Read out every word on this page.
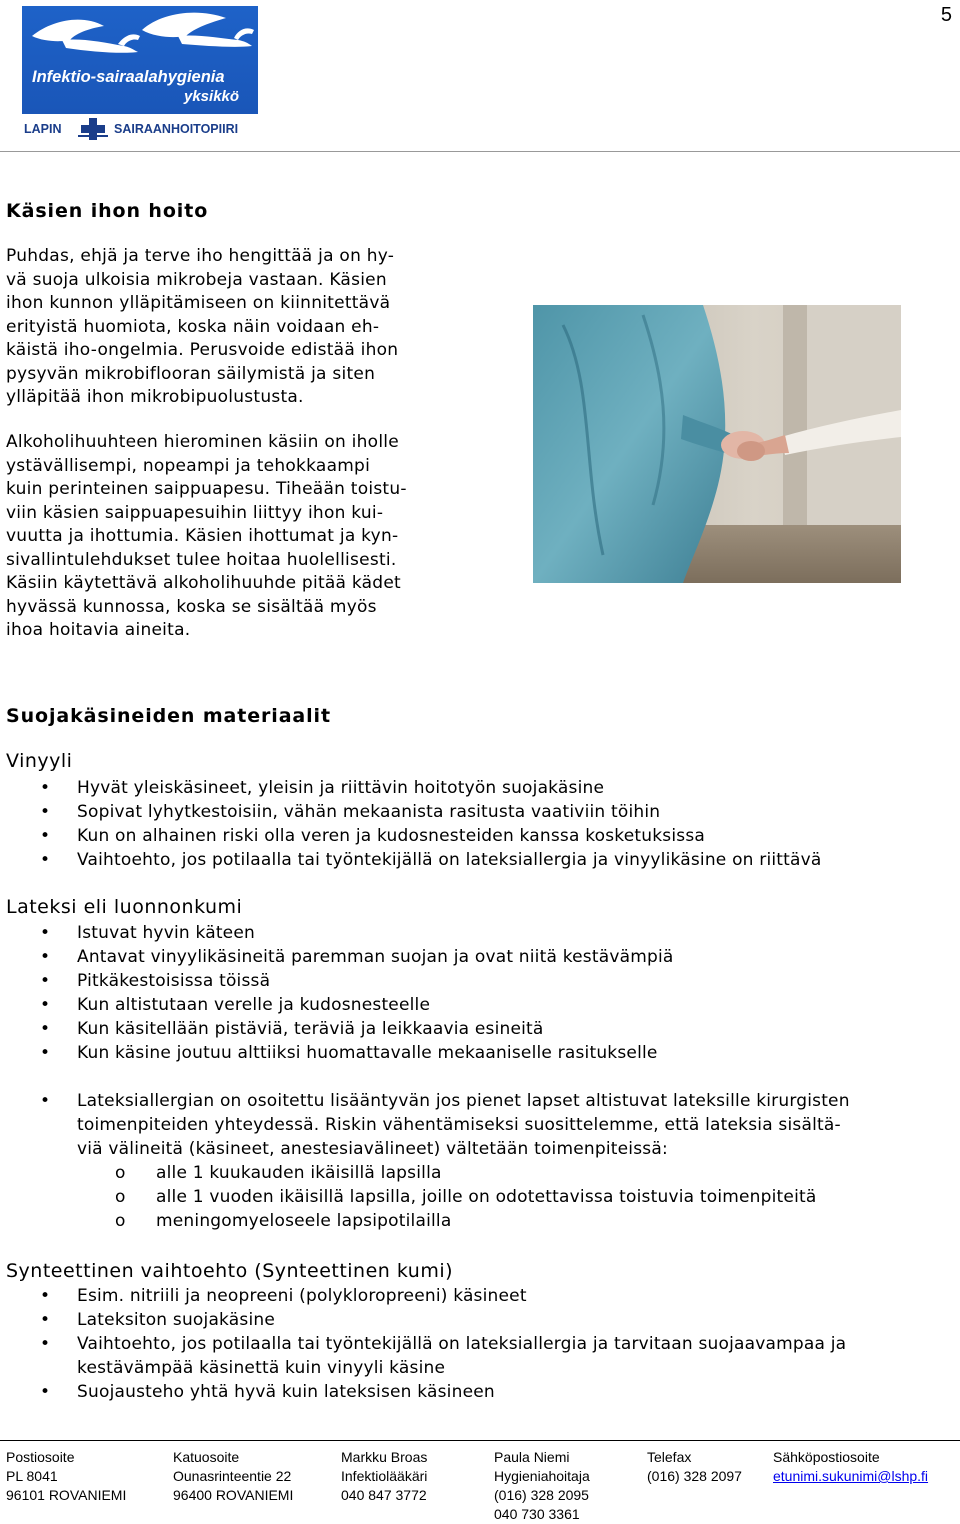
5
Infektio-sairaalahygienia
yksikkö
LAPIN	SAIRAANHOITOPIIRI
Käsien ihon hoito
Puhdas, ehjä ja terve iho hengittää ja on hy-
vä suoja ulkoisia mikrobeja vastaan. Käsien
ihon kunnon ylläpitämiseen on kiinnitettävä
erityistä huomiota, koska näin voidaan eh-
käistä iho-ongelmia. Perusvoide edistää ihon
pysyvän mikrobiflooran säilymistä ja siten
ylläpitää ihon mikrobipuolustusta.
Alkoholihuuhteen hierominen käsiin on iholle
ystävällisempi, nopeampi ja tehokkaampi
kuin perinteinen saippuapesu. Tiheään toistu-
viin käsien saippuapesuihin liittyy ihon kui-
vuutta ja ihottumia. Käsien ihottumat ja kyn-
sivallintulehdukset tulee hoitaa huolellisesti.
Käsiin käytettävä alkoholihuuhde pitää kädet
hyvässä kunnossa, koska se sisältää myös
ihoa hoitavia aineita.
Suojakäsineiden materiaalit
Vinyyli
• Hyvät yleiskäsineet, yleisin ja riittävin hoitotyön suojakäsine
• Sopivat lyhytkestoisiin, vähän mekaanista rasitusta vaativiin töihin
• Kun on alhainen riski olla veren ja kudosnesteiden kanssa kosketuksissa
• Vaihtoehto, jos potilaalla tai työntekijällä on lateksiallergia ja vinyylikäsine on riittävä
Lateksi eli luonnonkumi
• Istuvat hyvin käteen
• Antavat vinyylikäsineitä paremman suojan ja ovat niitä kestävämpiä
• Pitkäkestoisissa töissä
• Kun altistutaan verelle ja kudosnesteelle
• Kun käsitellään pistäviä, teräviä ja leikkaavia esineitä
• Kun käsine joutuu alttiiksi huomattavalle mekaaniselle rasitukselle
• Lateksiallergian on osoitettu lisääntyvän jos pienet lapset altistuvat lateksille kirurgisten
toimenpiteiden yhteydessä. Riskin vähentämiseksi suosittelemme, että lateksia sisältä-
viä välineitä (käsineet, anestesiavälineet) vältetään toimenpiteissä:
o alle 1 kuukauden ikäisillä lapsilla
o alle 1 vuoden ikäisillä lapsilla, joille on odotettavissa toistuvia toimenpiteitä
o meningomyeloseele lapsipotilailla
Synteettinen vaihtoehto (Synteettinen kumi)
• Esim. nitriili ja neopreeni (polykloropreeni) käsineet
• Lateksiton suojakäsine
• Vaihtoehto, jos potilaalla tai työntekijällä on lateksiallergia ja tarvitaan suojaavampaa ja
kestävämpää käsinettä kuin vinyyli käsine
• Suojausteho yhtä hyvä kuin lateksisen käsineen
Postiosoite
PL 8041
96101 ROVANIEMI
Katuosoite
Ounasrinteentie 22
96400 ROVANIEMI
Markku Broas
Infektiolääkäri
040 847 3772
Paula Niemi
Hygieniahoitaja
(016) 328 2095
040 730 3361
Telefax
(016) 328 2097
Sähköpostiosoite
etunimi.sukunimi@lshp.fi
